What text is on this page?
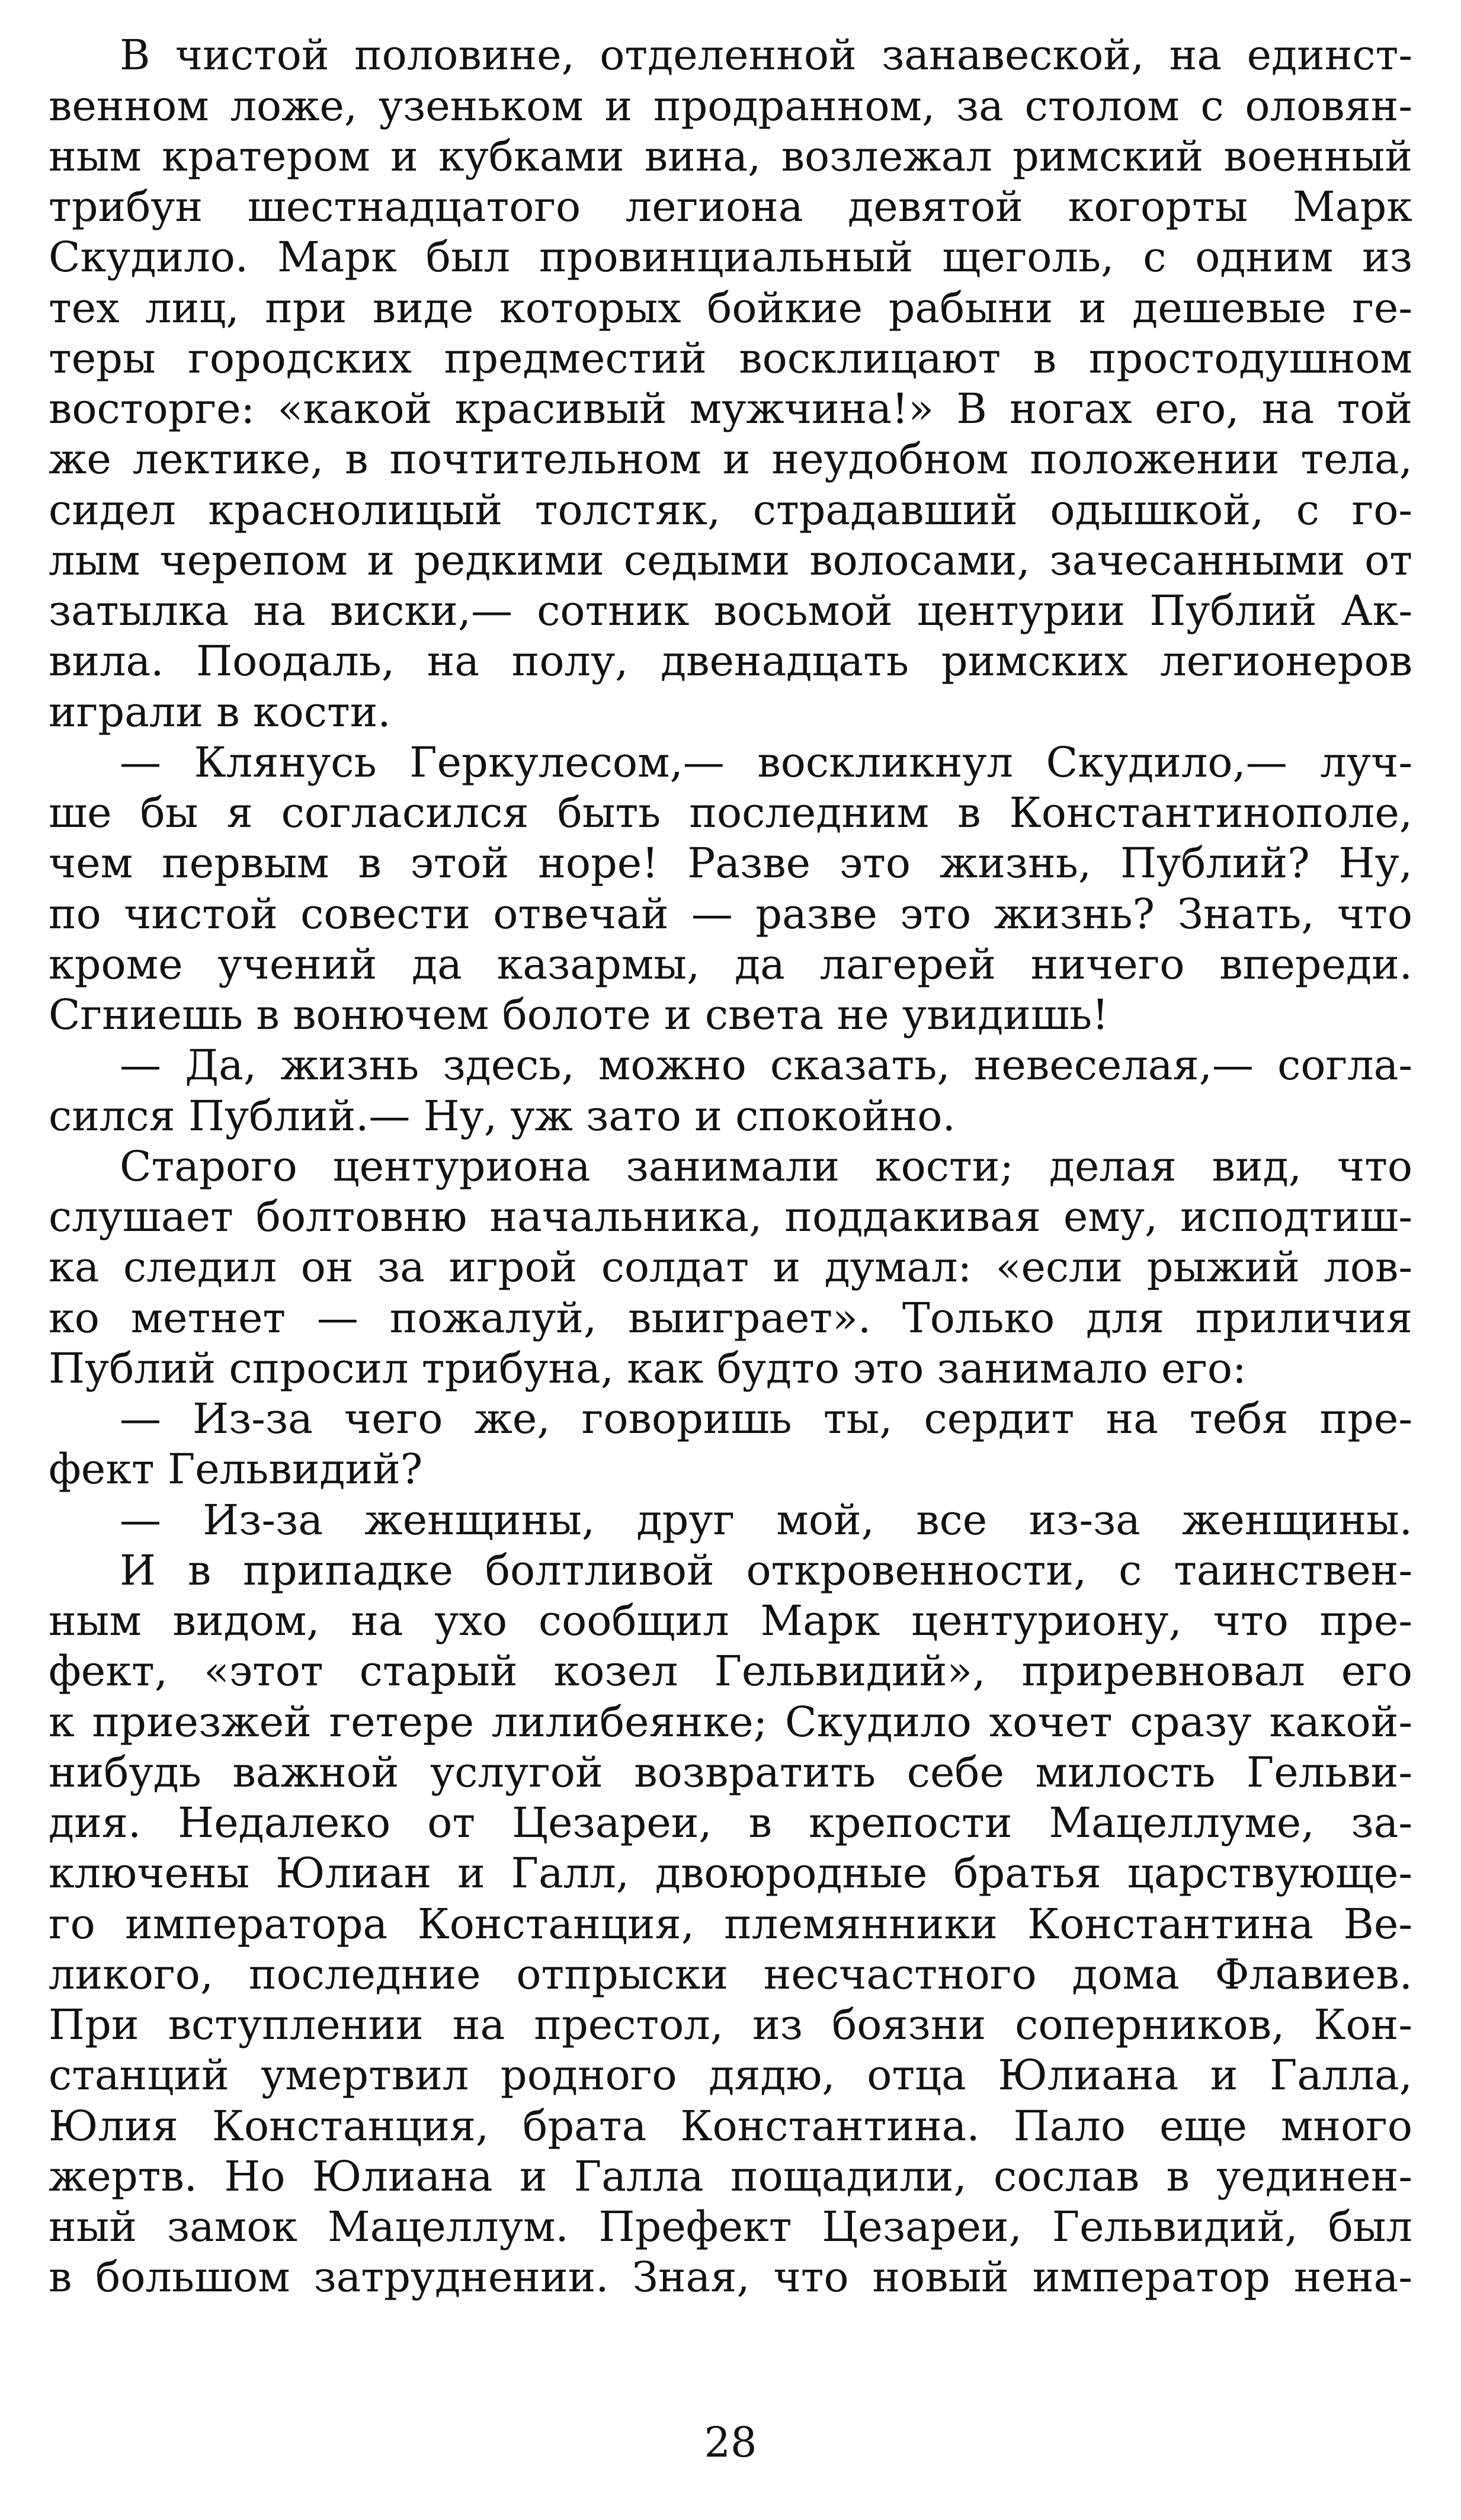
В чистой половине, отделенной занавеской, на единст-
венном ложе, узеньком и продранном, за столом с оловян-
ным кратером и кубками вина, возлежал римский военный
трибун шестнадцатого легиона девятой когорты Марк
Скудило. Марк был провинциальный щеголь, с одним из
тех лиц, при виде которых бойкие рабыни и дешевые ге-
теры городских предместий восклицают в простодушном
восторге: «какой красивый мужчина!» В ногах его, на той
же лектике, в почтительном и неудобном положении тела,
сидел краснолицый толстяк, страдавший одышкой, с го-
лым черепом и редкими седыми волосами, зачесанными от
затылка на виски,— сотник восьмой центурии Публий Ак-
вила. Поодаль, на полу, двенадцать римских легионеров
играли в кости.
— Клянусь Геркулесом,— воскликнул Скудило,— луч-
ше бы я согласился быть последним в Константинополе,
чем первым в этой норе! Разве это жизнь, Публий? Ну,
по чистой совести отвечай — разве это жизнь? Знать, что
кроме учений да казармы, да лагерей ничего впереди.
Сгниешь в вонючем болоте и света не увидишь!
— Да, жизнь здесь, можно сказать, невеселая,— согла-
сился Публий.— Ну, уж зато и спокойно.
Старого центуриона занимали кости; делая вид, что
слушает болтовню начальника, поддакивая ему, исподтиш-
ка следил он за игрой солдат и думал: «если рыжий лов-
ко метнет — пожалуй, выиграет». Только для приличия
Публий спросил трибуна, как будто это занимало его:
— Из-за чего же, говоришь ты, сердит на тебя пре-
фект Гельвидий?
— Из-за женщины, друг мой, все из-за женщины.
И в припадке болтливой откровенности, с таинствен-
ным видом, на ухо сообщил Марк центуриону, что пре-
фект, «этот старый козел Гельвидий», приревновал его
к приезжей гетере лилибеянке; Скудило хочет сразу какой-
нибудь важной услугой возвратить себе милость Гельви-
дия. Недалеко от Цезареи, в крепости Мацеллуме, за-
ключены Юлиан и Галл, двоюродные братья царствующе-
го императора Констанция, племянники Константина Ве-
ликого, последние отпрыски несчастного дома Флавиев.
При вступлении на престол, из боязни соперников, Кон-
станций умертвил родного дядю, отца Юлиана и Галла,
Юлия Констанция, брата Константина. Пало еще много
жертв. Но Юлиана и Галла пощадили, сослав в уединен-
ный замок Мацеллум. Префект Цезареи, Гельвидий, был
в большом затруднении. Зная, что новый император нена-
28
